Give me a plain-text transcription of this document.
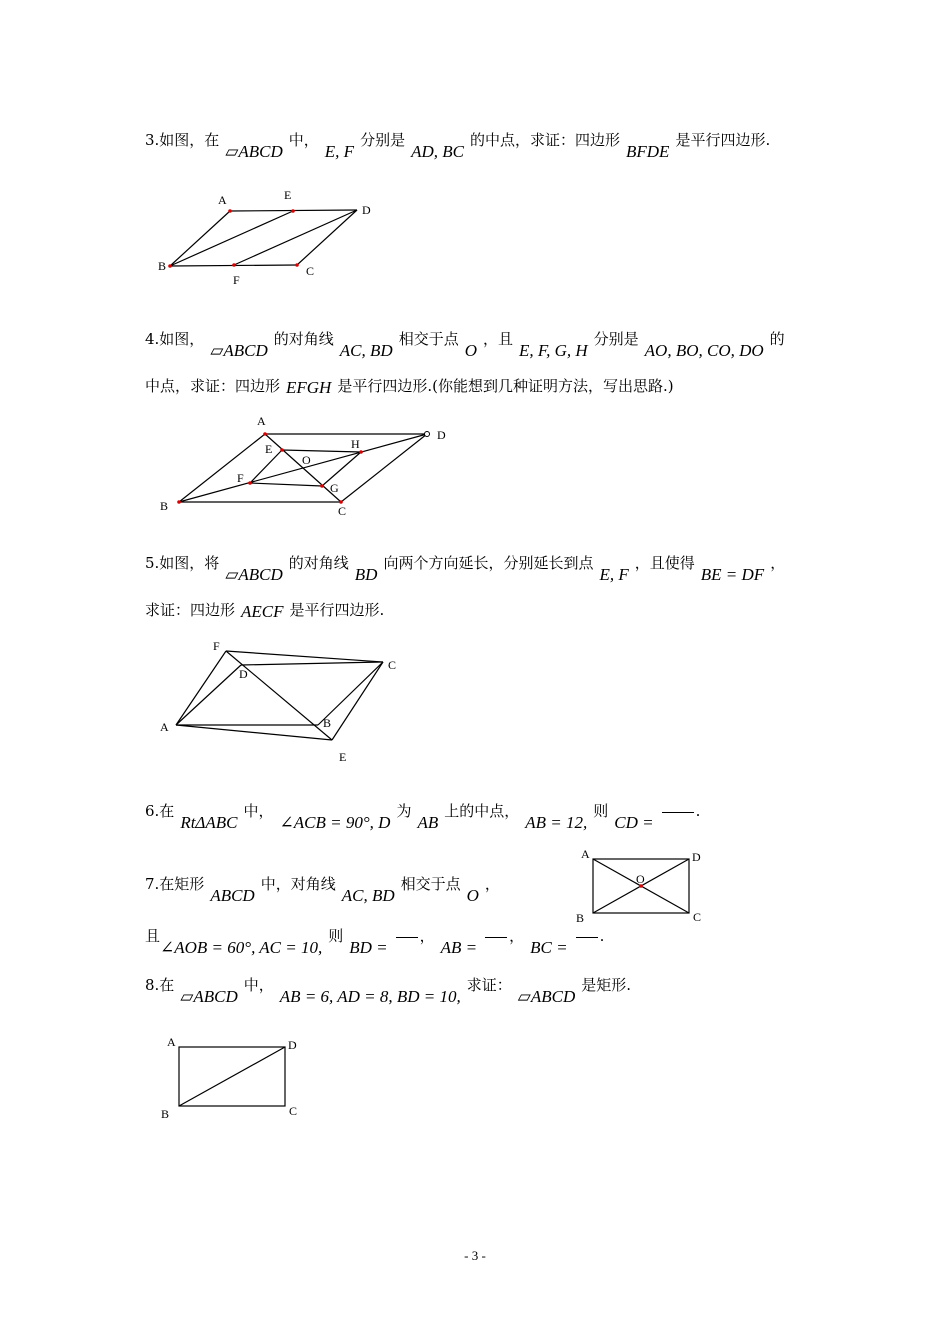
3.如图，在▱ABCD中，E, F分别是AD, BC的中点，求证：四边形BFDE是平行四边形.
A	E
D
B
F
C
4.如图，▱ABCD的对角线AC, BD相交于点O，且E, F, G, H分别是AO, BO, CO, DO的
中点，求证：四边形 EFGH 是平行四边形.(你能想到几种证明方法，写出思路.)
A
D
E	H
O
F
G
B	C
5.如图，将▱ABCD的对角线BD向两个方向延长，分别延长到点E, F，且使得BE = DF，
求证：四边形 AECF 是平行四边形.
F
D
C
A	B
E
6.在RtΔABC中，∠ACB = 90°, D为AB上的中点，AB = 12,则CD =.
7.在矩形ABCD中，对角线AC, BD相交于点O，
且∠AOB = 60°, AC = 10,则BD =，AB =，BC =.
A	D
O
B	C
8.在▱ABCD中，AB = 6, AD = 8, BD = 10,求证：▱ABCD是矩形.
A	D
B	C
- 3 -
